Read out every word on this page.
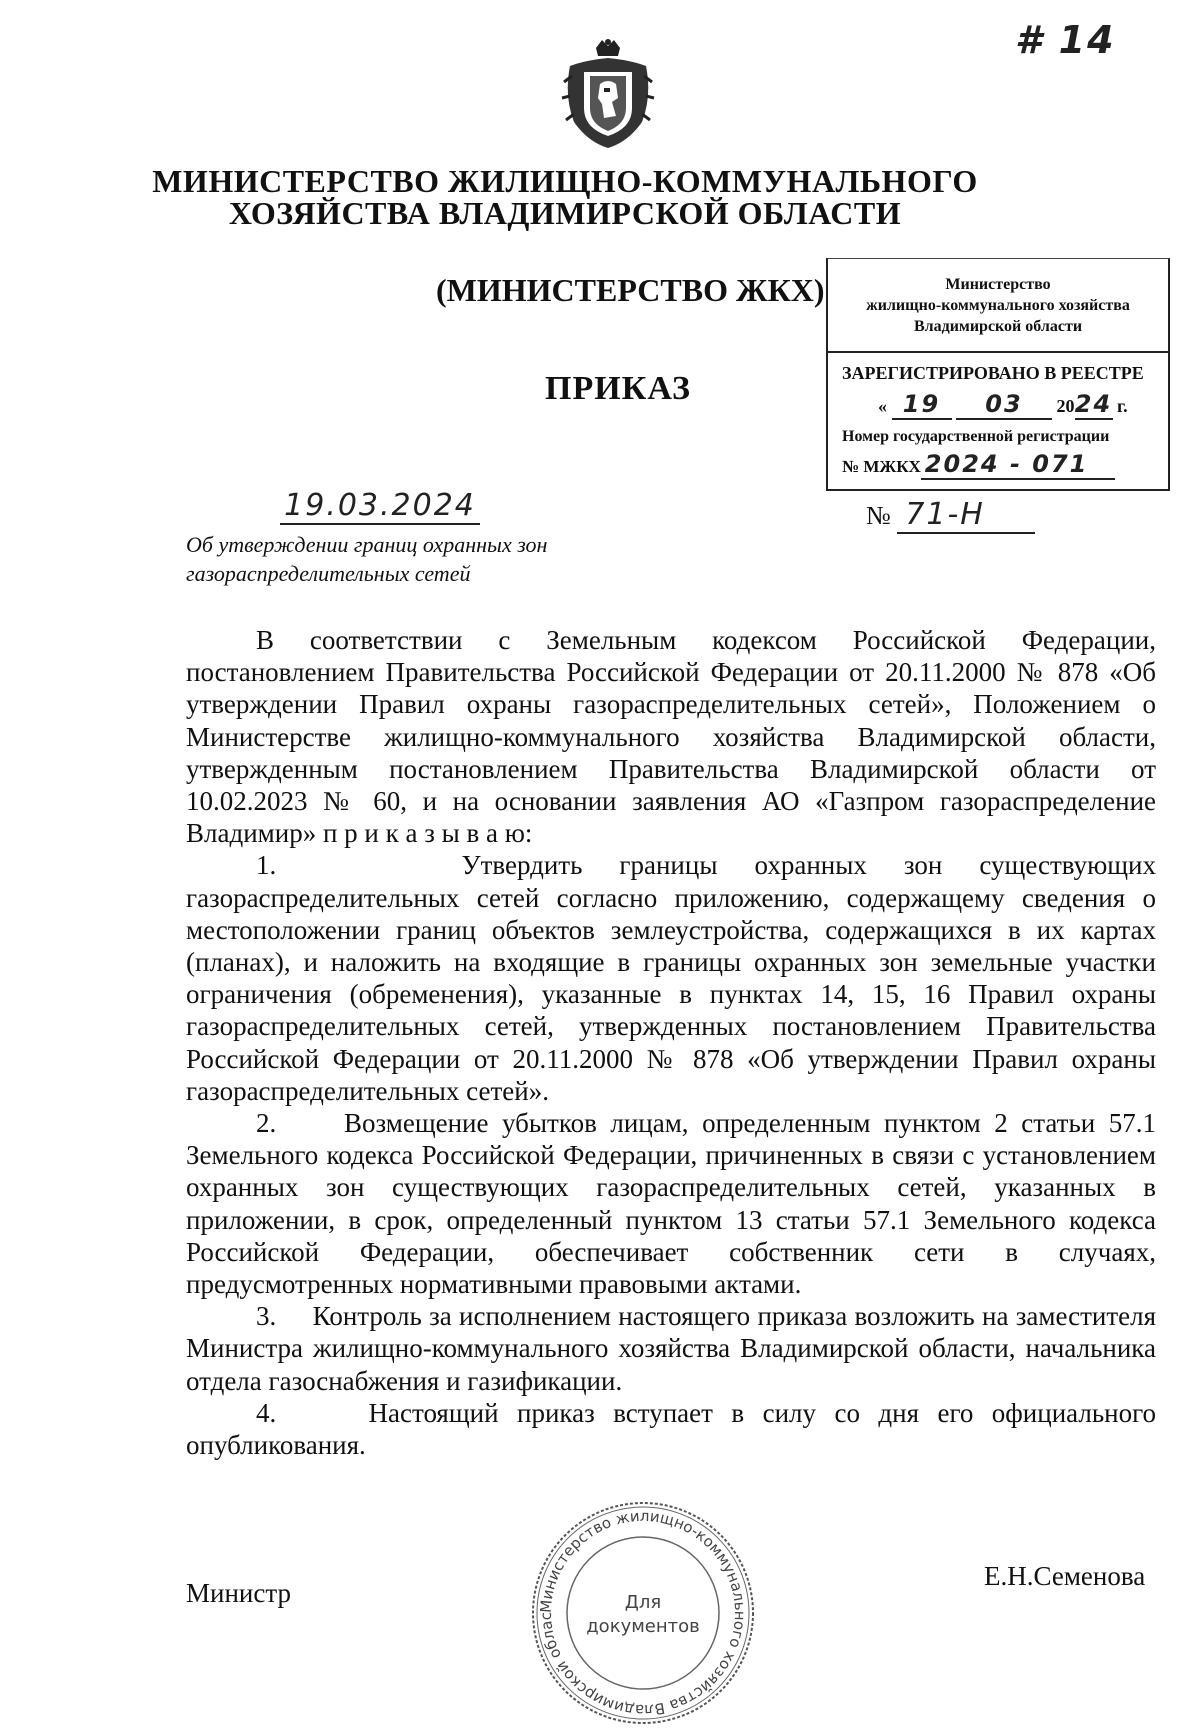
# 14
МИНИСТЕРСТВО ЖИЛИЩНО-КОММУНАЛЬНОГО
ХОЗЯЙСТВА ВЛАДИМИРСКОЙ ОБЛАСТИ
(МИНИСТЕРСТВО ЖКХ)
ПРИКАЗ
Министерство
жилищно-коммунального хозяйства
Владимирской области
ЗАРЕГИСТРИРОВАНО В РЕЕСТРЕ
« 19 03 2024 г.
Номер государственной регистрации
№ МЖКХ 2024 - 071
19.03.2024	№ 71-Н
Об утверждении границ охранных зон
газораспределительных сетей

В соответствии с Земельным кодексом Российской Федерации, постановлением Правительства Российской Федерации от 20.11.2000 № 878 «Об утверждении Правил охраны газораспределительных сетей», Положением о Министерстве жилищно-коммунального хозяйства Владимирской области, утвержденным постановлением Правительства Владимирской области от 10.02.2023 № 60, и на основании заявления АО «Газпром газораспределение Владимир» п р и к а з ы в а ю:

1.	Утвердить границы охранных зон существующих газораспределительных сетей согласно приложению, содержащему сведения о местоположении границ объектов землеустройства, содержащихся в их картах (планах), и наложить на входящие в границы охранных зон земельные участки ограничения (обременения), указанные в пунктах 14, 15, 16 Правил охраны газораспределительных сетей, утвержденных постановлением Правительства Российской Федерации от 20.11.2000 № 878 «Об утверждении Правил охраны газораспределительных сетей».

2.	Возмещение убытков лицам, определенным пунктом 2 статьи 57.1 Земельного кодекса Российской Федерации, причиненных в связи с установлением охранных зон существующих газораспределительных сетей, указанных в приложении, в срок, определенный пунктом 13 статьи 57.1 Земельного кодекса Российской Федерации, обеспечивает собственник сети в случаях, предусмотренных нормативными правовыми актами.

3. Контроль за исполнением настоящего приказа возложить на заместителя Министра жилищно-коммунального хозяйства Владимирской области, начальника отдела газоснабжения и газификации.

4.	Настоящий приказ вступает в силу со дня его официального опубликования.

Министерство жилищно-коммунального хозяйства Владимирской облас
Для
документов
Министр
Е.Н.Семенова
